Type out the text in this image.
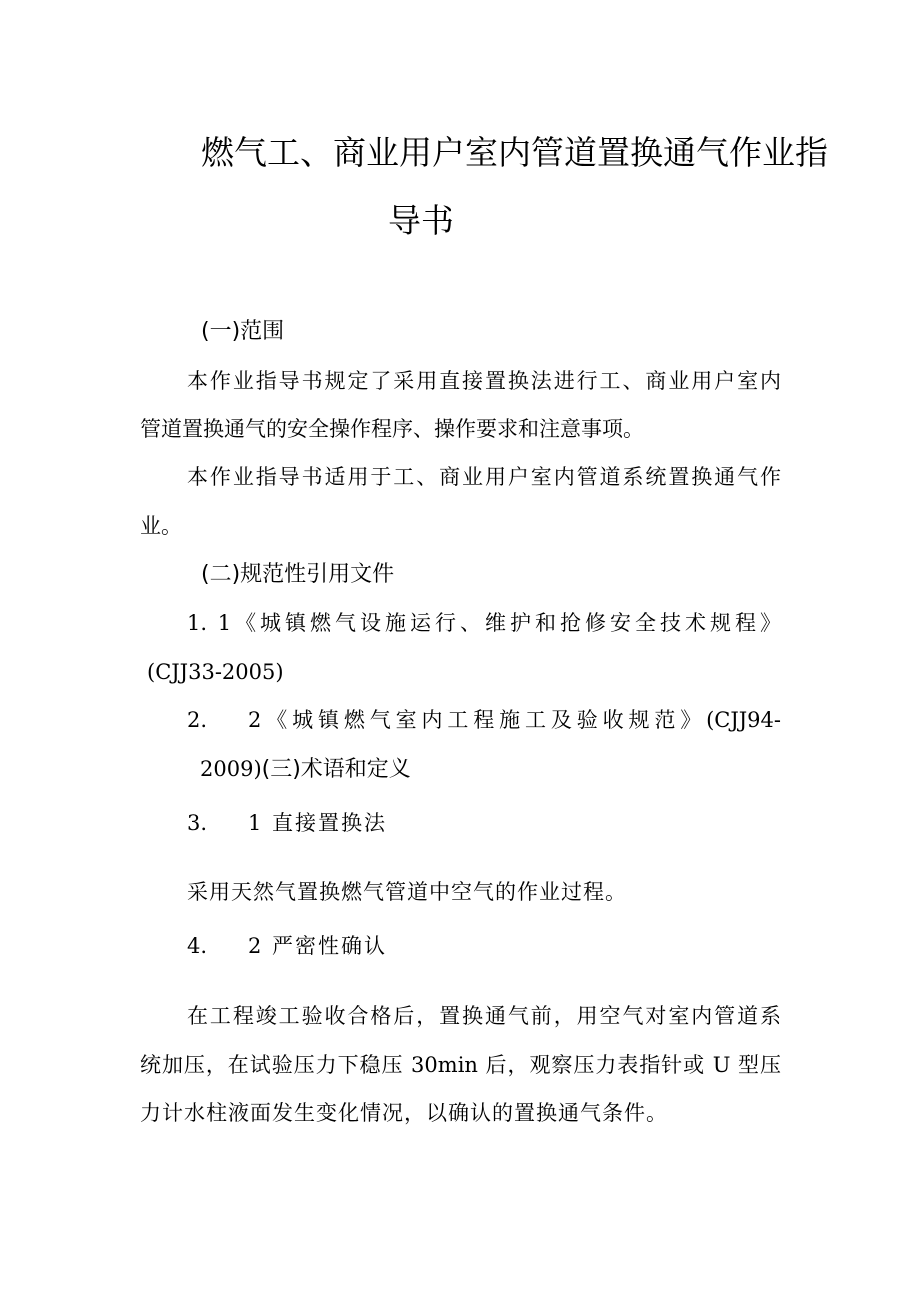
燃气工、商业用户室内管道置换通气作业指
导书
(一)范围

本作业指导书规定了采用直接置换法进行工、商业用户室内

管道置换通气的安全操作程序、操作要求和注意事项。

本作业指导书适用于工、商业用户室内管道系统置换通气作

业。

(二)规范性引用文件

1. 1《城镇燃气设施运行、维护和抢修安全技术规程》

(CJJ33-2005)

2. 2《城镇燃气室内工程施工及验收规范》(CJJ94-

2009)(三)术语和定义

3. 1 直接置换法

采用天然气置换燃气管道中空气的作业过程。

4. 2 严密性确认

在工程竣工验收合格后，置换通气前，用空气对室内管道系

统加压，在试验压力下稳压 30min 后，观察压力表指针或 U 型压

力计水柱液面发生变化情况，以确认的置换通气条件。
